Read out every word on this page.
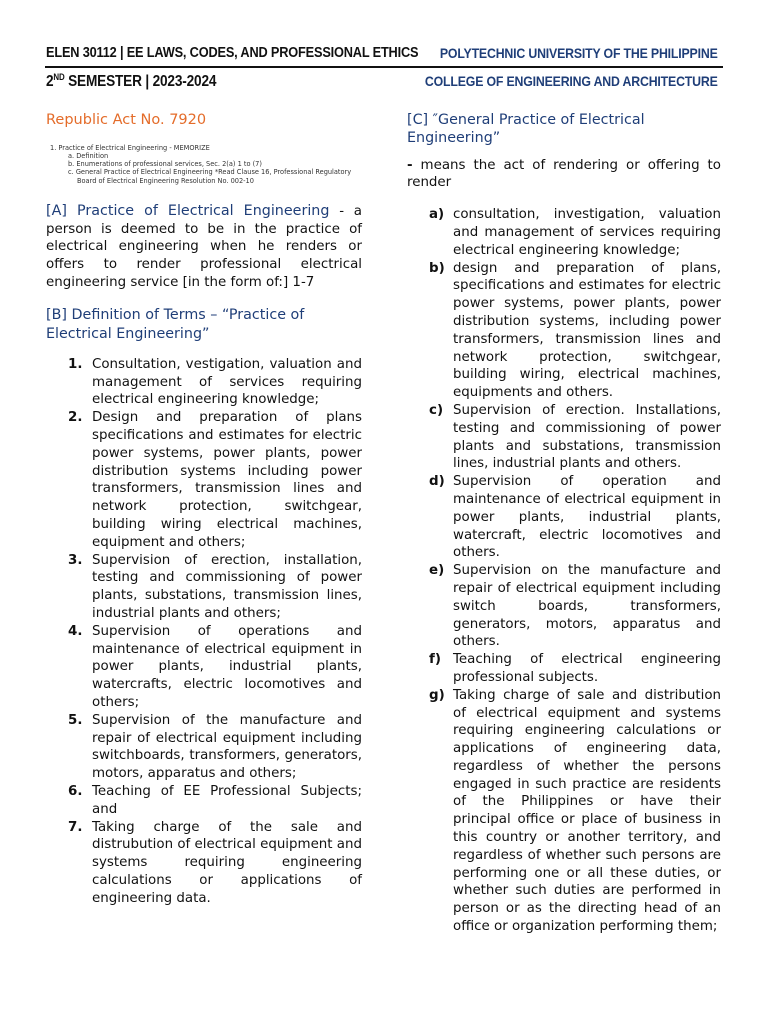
ELEN 30112 | EE LAWS, CODES, AND PROFESSIONAL ETHICS
2ND SEMESTER | 2023-2024
POLYTECHNIC UNIVERSITY OF THE PHILIPPINE
COLLEGE OF ENGINEERING AND ARCHITECTURE
Republic Act No. 7920
1. Practice of Electrical Engineering - MEMORIZE
a. Definition
b. Enumerations of professional services, Sec. 2(a) 1 to (7)
c. General Practice of Electrical Engineering *Read Clause 16, Professional Regulatory
Board of Electrical Engineering Resolution No. 002-10

[A] Practice of Electrical Engineering - a person is deemed to be in the practice of electrical engineering when he renders or offers to render professional electrical engineering service [in the form of:] 1-7

[B] Definition of Terms – “Practice of Electrical Engineering”
1. Consultation, vestigation, valuation and management of services requiring electrical engineering knowledge;
2. Design and preparation of plans specifications and estimates for electric power systems, power plants, power distribution systems including power transformers, transmission lines and network protection, switchgear, building wiring electrical machines, equipment and others;
3. Supervision of erection, installation, testing and commissioning of power plants, substations, transmission lines, industrial plants and others;
4. Supervision of operations and maintenance of electrical equipment in power plants, industrial plants, watercrafts, electric locomotives and others;
5. Supervision of the manufacture and repair of electrical equipment including switchboards, transformers, generators, motors, apparatus and others;
6. Teaching of EE Professional Subjects; and
7. Taking charge of the sale and distrubution of electrical equipment and systems requiring engineering calculations or applications of engineering data.
[C] ″General Practice of Electrical Engineering”

- means the act of rendering or offering to render

a) consultation, investigation, valuation and management of services requiring electrical engineering knowledge;
b) design and preparation of plans, specifications and estimates for electric power systems, power plants, power distribution systems, including power transformers, transmission lines and network protection, switchgear, building wiring, electrical machines, equipments and others.
c) Supervision of erection. Installations, testing and commissioning of power plants and substations, transmission lines, industrial plants and others.
d) Supervision of operation and maintenance of electrical equipment in power plants, industrial plants, watercraft, electric locomotives and others.
e) Supervision on the manufacture and repair of electrical equipment including switch boards, transformers, generators, motors, apparatus and others.
f) Teaching of electrical engineering professional subjects.
g) Taking charge of sale and distribution of electrical equipment and systems requiring engineering calculations or applications of engineering data, regardless of whether the persons engaged in such practice are residents of the Philippines or have their principal office or place of business in this country or another territory, and regardless of whether such persons are performing one or all these duties, or whether such duties are performed in person or as the directing head of an office or organization performing them;
